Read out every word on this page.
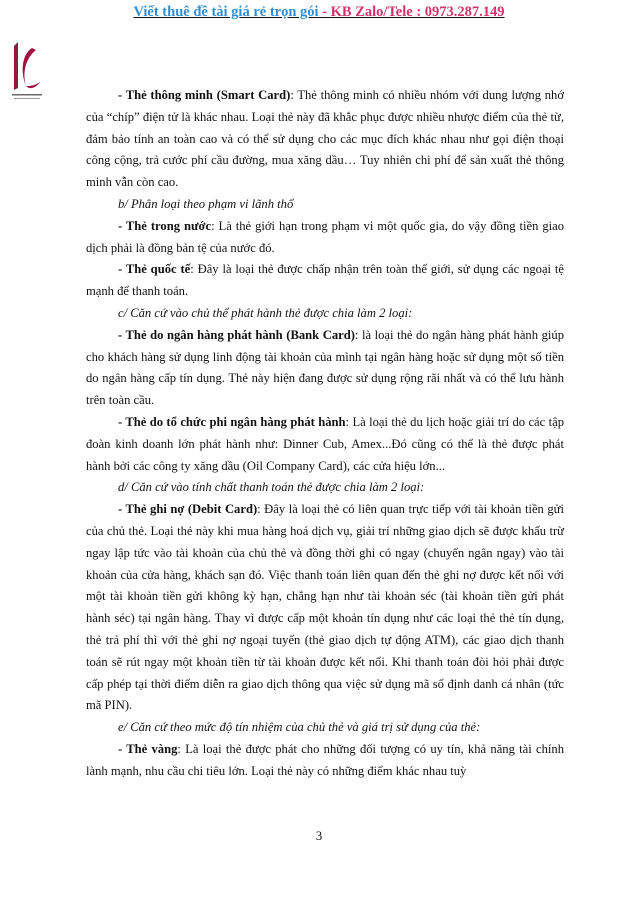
Viết thuê đề tài giá rẻ trọn gói - KB Zalo/Tele : 0973.287.149

- Thẻ thông minh (Smart Card): Thẻ thông minh có nhiều nhóm với dung lượng nhớ của “chíp” điện tử là khác nhau. Loại thẻ này đã khắc phục được nhiều nhược điểm của thẻ từ, đảm bảo tính an toàn cao và có thể sử dụng cho các mục đích khác nhau như gọi điện thoại công cộng, trả cước phí cầu đường, mua xăng dầu… Tuy nhiên chi phí để sản xuất thẻ thông minh vẫn còn cao.

b/ Phân loại theo phạm vi lãnh thổ

- Thẻ trong nước: Là thẻ giới hạn trong phạm vi một quốc gia, do vậy đồng tiền giao dịch phải là đồng bản tệ của nước đó.

- Thẻ quốc tế: Đây là loại thẻ được chấp nhận trên toàn thế giới, sử dụng các ngoại tệ mạnh để thanh toán.

c/ Căn cứ vào chủ thể phát hành thẻ được chia làm 2 loại:

- Thẻ do ngân hàng phát hành (Bank Card): là loại thẻ do ngân hàng phát hành giúp cho khách hàng sử dụng linh động tài khoản của mình tại ngân hàng hoặc sử dụng một số tiền do ngân hàng cấp tín dụng. Thẻ này hiện đang được sử dụng rộng rãi nhất và có thể lưu hành trên toàn cầu.

- Thẻ do tổ chức phi ngân hàng phát hành: Là loại thẻ du lịch hoặc giải trí do các tập đoàn kinh doanh lớn phát hành như: Dinner Cub, Amex...Đó cũng có thể là thẻ được phát hành bởi các công ty xăng dầu (Oil Company Card), các cửa hiệu lớn...

d/ Căn cứ vào tính chất thanh toán thẻ được chia làm 2 loại:

- Thẻ ghi nợ (Debit Card): Đây là loại thẻ có liên quan trực tiếp với tài khoản tiền gửi của chủ thẻ. Loại thẻ này khi mua hàng hoá dịch vụ, giải trí những giao dịch sẽ được khấu trừ ngay lập tức vào tài khoản của chủ thẻ và đồng thời ghi có ngay (chuyển ngân ngay) vào tài khoản của cửa hàng, khách sạn đó. Việc thanh toán liên quan đến thẻ ghi nợ được kết nối với một tài khoản tiền gửi không kỳ hạn, chẳng hạn như tài khoản séc (tài khoản tiền gửi phát hành séc) tại ngân hàng. Thay vì được cấp một khoản tín dụng như các loại thẻ thẻ tín dụng, thẻ trả phí thì với thẻ ghi nợ ngoại tuyến (thẻ giao dịch tự động ATM), các giao dịch thanh toán sẽ rút ngay một khoản tiền từ tài khoản được kết nối. Khi thanh toán đòi hỏi phải được cấp phép tại thời điểm diễn ra giao dịch thông qua việc sử dụng mã số định danh cá nhân (tức mã PIN).

e/ Căn cứ theo mức độ tín nhiệm của chủ thẻ và giá trị sử dụng của thẻ:

- Thẻ vàng: Là loại thẻ được phát cho những đối tượng có uy tín, khả năng tài chính lành mạnh, nhu cầu chi tiêu lớn. Loại thẻ này có những điểm khác nhau tuỳ

3
